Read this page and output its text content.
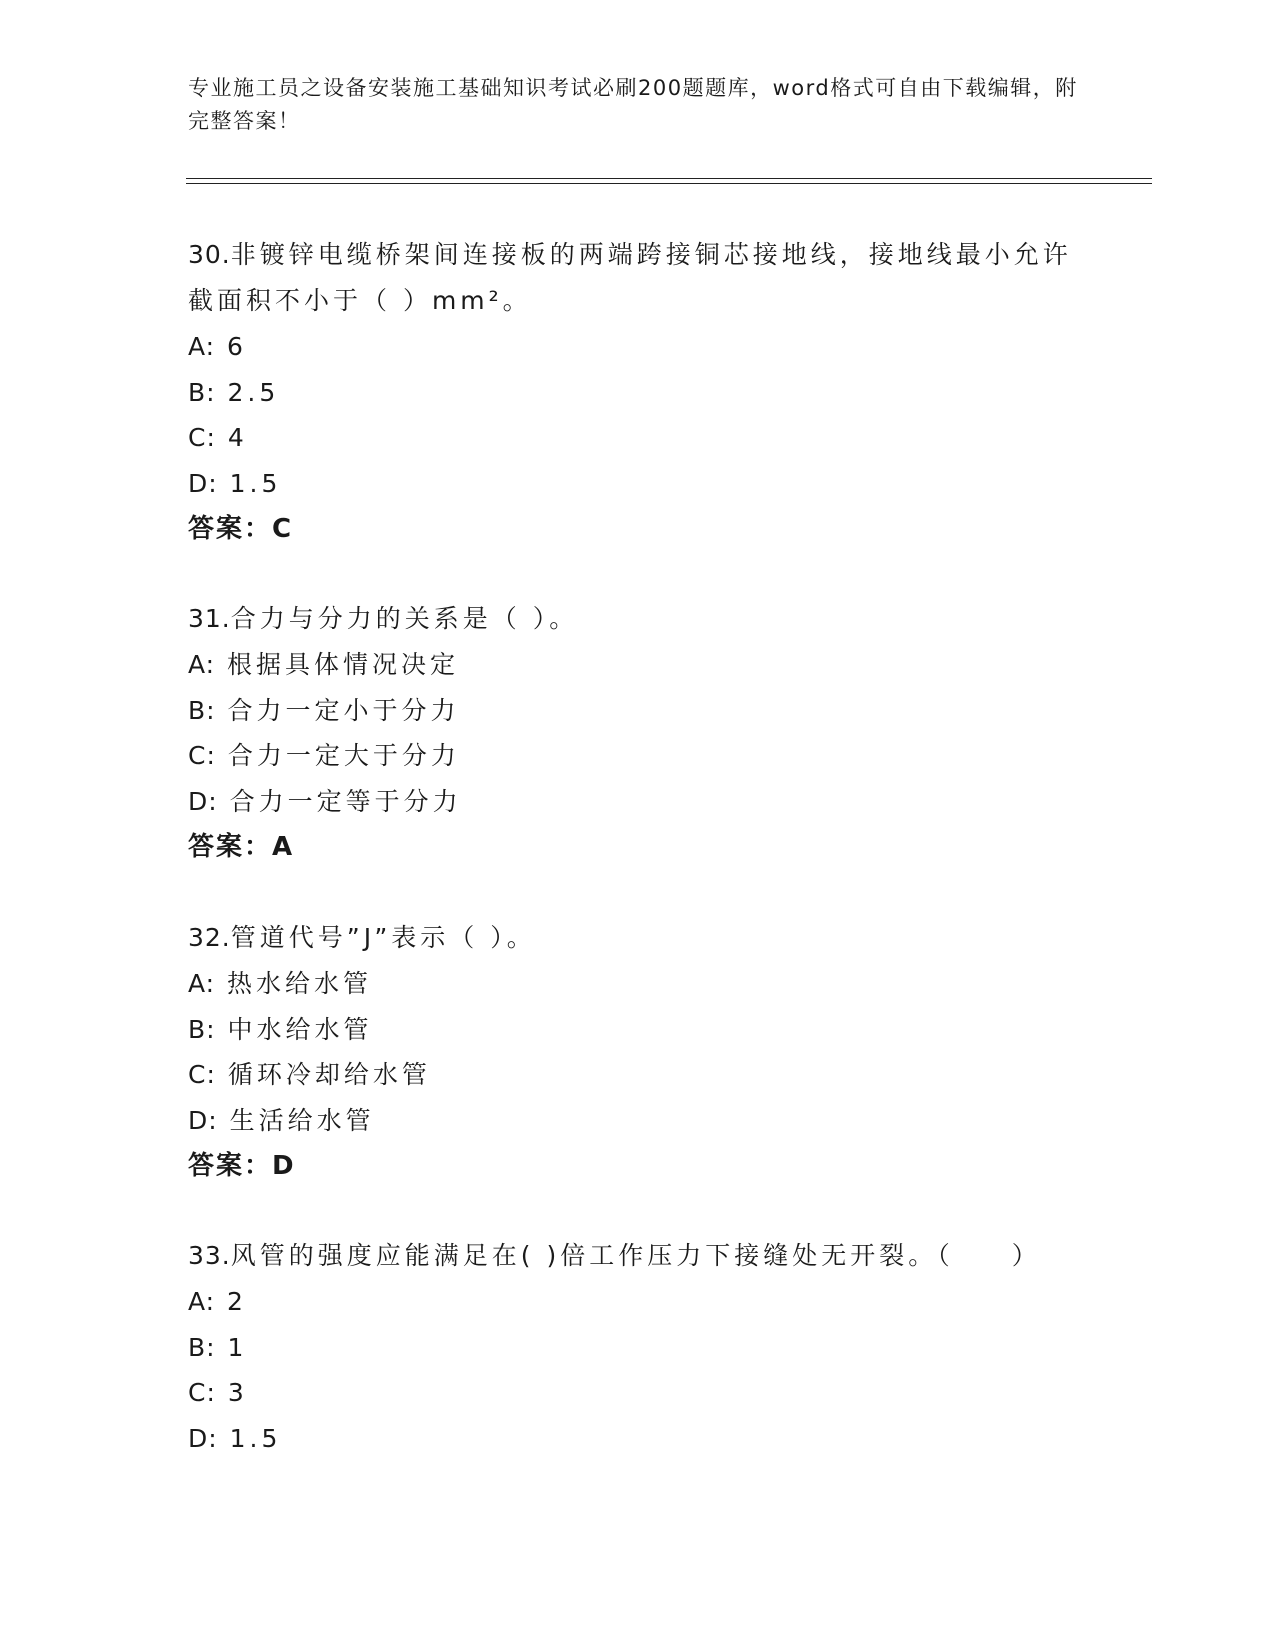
专业施工员之设备安装施工基础知识考试必刷200题题库，word格式可自由下载编辑，附完整答案！

30.非镀锌电缆桥架间连接板的两端跨接铜芯接地线，接地线最小允许截面积不小于（ ）mm²。

A: 6

B: 2.5

C: 4

D: 1.5

答案：C

31.合力与分力的关系是（ ）。

A: 根据具体情况决定

B: 合力一定小于分力

C: 合力一定大于分力

D: 合力一定等于分力

答案：A

32.管道代号”J”表示（ ）。

A: 热水给水管

B: 中水给水管

C: 循环冷却给水管

D: 生活给水管

答案：D

33.风管的强度应能满足在( )倍工作压力下接缝处无开裂。（　　）

A: 2

B: 1

C: 3

D: 1.5
